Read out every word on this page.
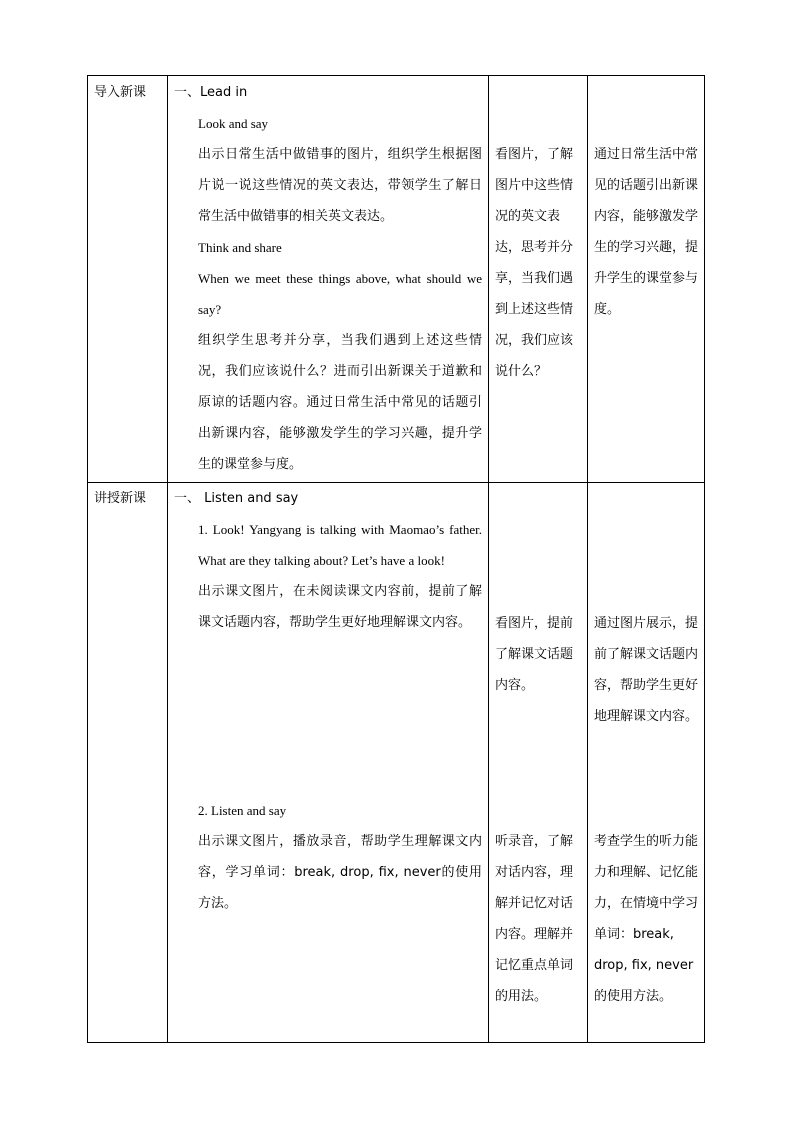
导入新课 一、Lead in
Look and say
出示日常生活中做错事的图片，组织学生根据图片说一说这些情况的英文表达，带领学生了解日常生活中做错事的相关英文表达。
Think and share
When we meet these things above, what should we say?
组织学生思考并分享，当我们遇到上述这些情况，我们应该说什么？进而引出新课关于道歉和原谅的话题内容。通过日常生活中常见的话题引出新课内容，能够激发学生的学习兴趣，提升学生的课堂参与度。
看图片，了解图片中这些情况的英文表达，思考并分享，当我们遇到上述这些情况，我们应该说什么？
通过日常生活中常见的话题引出新课内容，能够激发学生的学习兴趣，提升学生的课堂参与度。
讲授新课 一、 Listen and say
1. Look! Yangyang is talking with Maomao’s father. What are they talking about? Let’s have a look!
出示课文图片，在未阅读课文内容前，提前了解课文话题内容，帮助学生更好地理解课文内容。
2. Listen and say
出示课文图片，播放录音，帮助学生理解课文内容，学习单词：break, drop, fix, never的使用方法。
看图片，提前了解课文话题内容。
通过图片展示，提前了解课文话题内容，帮助学生更好地理解课文内容。
听录音，了解对话内容，理解并记忆对话内容。理解并记忆重点单词的用法。
考查学生的听力能力和理解、记忆能力，在情境中学习单词：break, drop, fix, never的使用方法。
